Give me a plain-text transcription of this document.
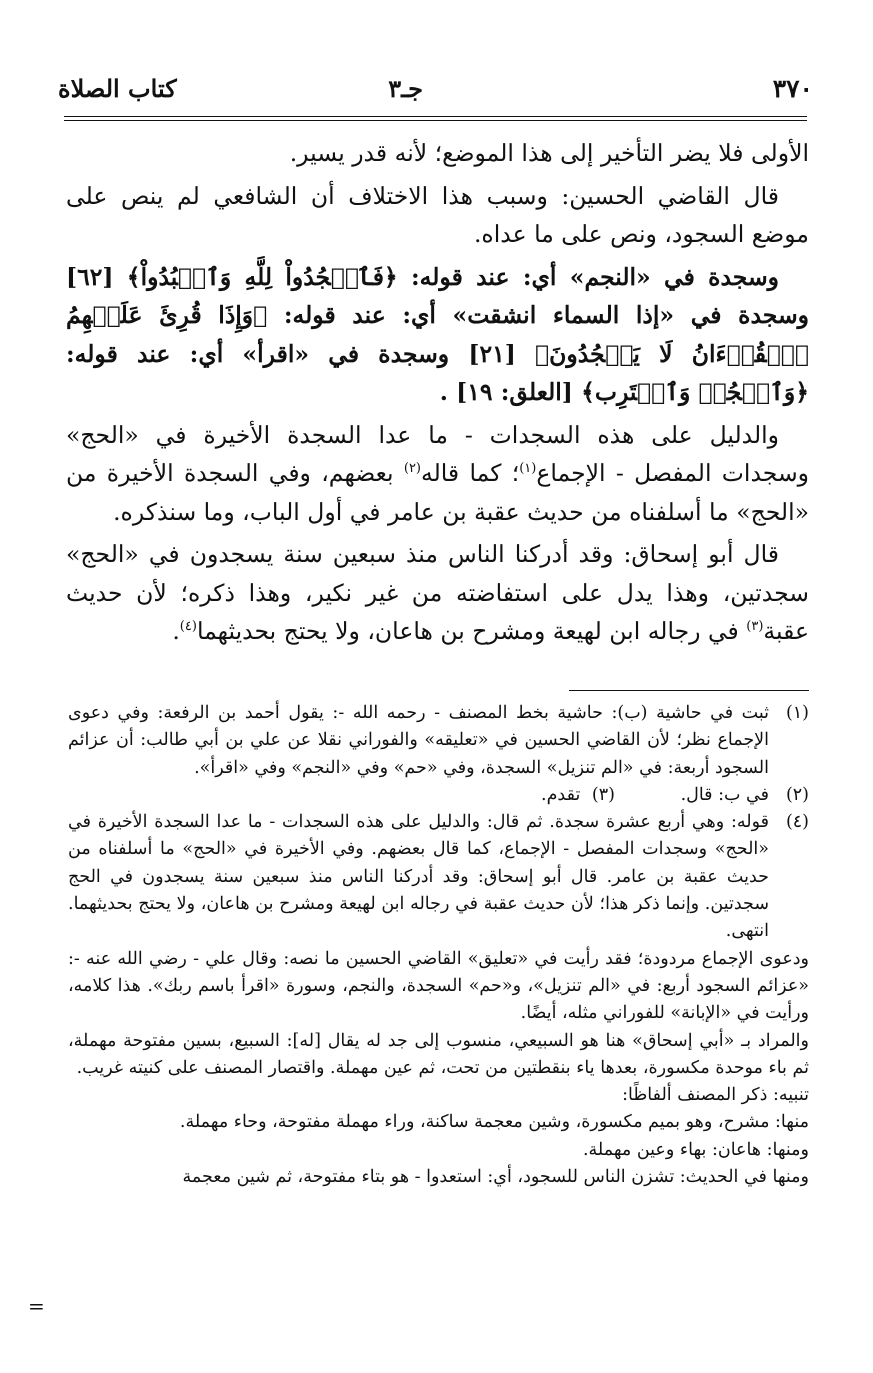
٣٧٠
جـ٣
كتاب الصلاة

الأولى فلا يضر التأخير إلى هذا الموضع؛ لأنه قدر يسير.

قال القاضي الحسين: وسبب هذا الاختلاف أن الشافعي لم ينص على موضع السجود، ونص على ما عداه.

وسجدة في «النجم» أي: عند قوله: ﴿فَٱسۡجُدُواْ لِلَّهِ وَٱعۡبُدُواْ﴾ [٦٢] وسجدة في «إذا السماء انشقت» أي: عند قوله: ﴿وَإِذَا قُرِئَ عَلَيۡهِمُ ٱلۡقُرۡءَانُ لَا يَسۡجُدُونَ﴾ [٢١] وسجدة في «اقرأ» أي: عند قوله: ﴿وَٱسۡجُدۡ وَٱقۡتَرِب﴾ [العلق: ١٩] .

والدليل على هذه السجدات - ما عدا السجدة الأخيرة في «الحج» وسجدات المفصل - الإجماع$^{(١)}$؛ كما قاله$^{(٢)}$ بعضهم، وفي السجدة الأخيرة من «الحج» ما أسلفناه من حديث عقبة بن عامر في أول الباب، وما سنذكره.

قال أبو إسحاق: وقد أدركنا الناس منذ سبعين سنة يسجدون في «الحج» سجدتين، وهذا يدل على استفاضته من غير نكير، وهذا ذكره؛ لأن حديث عقبة$^{(٣)}$ في رجاله ابن لهيعة ومشرح بن هاعان، ولا يحتج بحديثهما$^{(٤)}$.

(١)
ثبت في حاشية (ب): حاشية بخط المصنف - رحمه الله -: يقول أحمد بن الرفعة: وفي دعوى الإجماع نظر؛ لأن القاضي الحسين في «تعليقه» والفوراني نقلا عن علي بن أبي طالب: أن عزائم السجود أربعة: في «الم تنزيل» السجدة، وفي «حم» وفي «النجم» وفي «اقرأ».
(٢)
في ب: قال. (٣) تقدم.
(٤)
قوله: وهي أربع عشرة سجدة. ثم قال: والدليل على هذه السجدات - ما عدا السجدة الأخيرة في «الحج» وسجدات المفصل - الإجماع، كما قال بعضهم. وفي الأخيرة في «الحج» ما أسلفناه من حديث عقبة بن عامر. قال أبو إسحاق: وقد أدركنا الناس منذ سبعين سنة يسجدون في الحج سجدتين. وإنما ذكر هذا؛ لأن حديث عقبة في رجاله ابن لهيعة ومشرح بن هاعان، ولا يحتج بحديثهما. انتهى.
ودعوى الإجماع مردودة؛ فقد رأيت في «تعليق» القاضي الحسين ما نصه: وقال علي - رضي الله عنه -: «عزائم السجود أربع: في «الم تنزيل»، و«حم» السجدة، والنجم، وسورة «اقرأ باسم ربك». هذا كلامه، ورأيت في «الإبانة» للفوراني مثله، أيضًا.
والمراد بـ «أبي إسحاق» هنا هو السبيعي، منسوب إلى جد له يقال [له]: السبيع، بسين مفتوحة مهملة، ثم باء موحدة مكسورة، بعدها ياء بنقطتين من تحت، ثم عين مهملة. واقتصار المصنف على كنيته غريب.
تنبيه: ذكر المصنف ألفاظًا:
منها: مشرح، وهو بميم مكسورة، وشين معجمة ساكنة، وراء مهملة مفتوحة، وحاء مهملة.
ومنها: هاعان: بهاء وعين مهملة.
ومنها في الحديث: تشزن الناس للسجود، أي: استعدوا - هو بتاء مفتوحة، ثم شين معجمة
=
